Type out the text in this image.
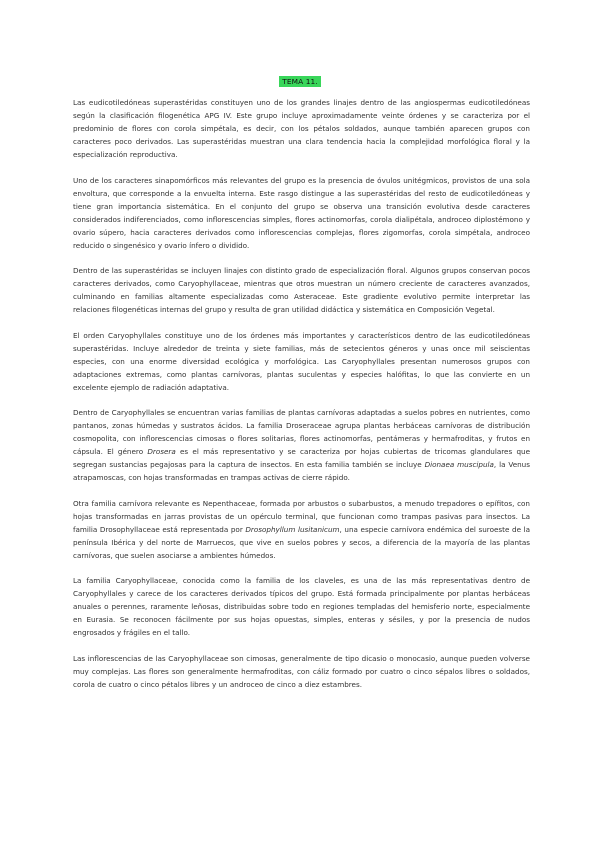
TEMA 11.

Las eudicotiledóneas superastéridas constituyen uno de los grandes linajes dentro de las angiospermas eudicotiledóneas según la clasificación filogenética APG IV. Este grupo incluye aproximadamente veinte órdenes y se caracteriza por el predominio de flores con corola simpétala, es decir, con los pétalos soldados, aunque también aparecen grupos con caracteres poco derivados. Las superastéridas muestran una clara tendencia hacia la complejidad morfológica floral y la especialización reproductiva.

Uno de los caracteres sinapomórficos más relevantes del grupo es la presencia de óvulos unitégmicos, provistos de una sola envoltura, que corresponde a la envuelta interna. Este rasgo distingue a las superastéridas del resto de eudicotiledóneas y tiene gran importancia sistemática. En el conjunto del grupo se observa una transición evolutiva desde caracteres considerados indiferenciados, como inflorescencias simples, flores actinomorfas, corola dialipétala, androceo diplostémono y ovario súpero, hacia caracteres derivados como inflorescencias complejas, flores zigomorfas, corola simpétala, androceo reducido o singenésico y ovario ínfero o dividido.

Dentro de las superastéridas se incluyen linajes con distinto grado de especialización floral. Algunos grupos conservan pocos caracteres derivados, como Caryophyllaceae, mientras que otros muestran un número creciente de caracteres avanzados, culminando en familias altamente especializadas como Asteraceae. Este gradiente evolutivo permite interpretar las relaciones filogenéticas internas del grupo y resulta de gran utilidad didáctica y sistemática en Composición Vegetal.

El orden Caryophyllales constituye uno de los órdenes más importantes y característicos dentro de las eudicotiledóneas superastéridas. Incluye alrededor de treinta y siete familias, más de setecientos géneros y unas once mil seiscientas especies, con una enorme diversidad ecológica y morfológica. Las Caryophyllales presentan numerosos grupos con adaptaciones extremas, como plantas carnívoras, plantas suculentas y especies halófitas, lo que las convierte en un excelente ejemplo de radiación adaptativa.

Dentro de Caryophyllales se encuentran varias familias de plantas carnívoras adaptadas a suelos pobres en nutrientes, como pantanos, zonas húmedas y sustratos ácidos. La familia Droseraceae agrupa plantas herbáceas carnívoras de distribución cosmopolita, con inflorescencias cimosas o flores solitarias, flores actinomorfas, pentámeras y hermafroditas, y frutos en cápsula. El género Drosera es el más representativo y se caracteriza por hojas cubiertas de tricomas glandulares que segregan sustancias pegajosas para la captura de insectos. En esta familia también se incluye Dionaea muscipula, la Venus atrapamoscas, con hojas transformadas en trampas activas de cierre rápido.

Otra familia carnívora relevante es Nepenthaceae, formada por arbustos o subarbustos, a menudo trepadores o epífitos, con hojas transformadas en jarras provistas de un opérculo terminal, que funcionan como trampas pasivas para insectos. La familia Drosophyllaceae está representada por Drosophyllum lusitanicum, una especie carnívora endémica del suroeste de la península Ibérica y del norte de Marruecos, que vive en suelos pobres y secos, a diferencia de la mayoría de las plantas carnívoras, que suelen asociarse a ambientes húmedos.

La familia Caryophyllaceae, conocida como la familia de los claveles, es una de las más representativas dentro de Caryophyllales y carece de los caracteres derivados típicos del grupo. Está formada principalmente por plantas herbáceas anuales o perennes, raramente leñosas, distribuidas sobre todo en regiones templadas del hemisferio norte, especialmente en Eurasia. Se reconocen fácilmente por sus hojas opuestas, simples, enteras y sésiles, y por la presencia de nudos engrosados y frágiles en el tallo.

Las inflorescencias de las Caryophyllaceae son cimosas, generalmente de tipo dicasio o monocasio, aunque pueden volverse muy complejas. Las flores son generalmente hermafroditas, con cáliz formado por cuatro o cinco sépalos libres o soldados, corola de cuatro o cinco pétalos libres y un androceo de cinco a diez estambres.
